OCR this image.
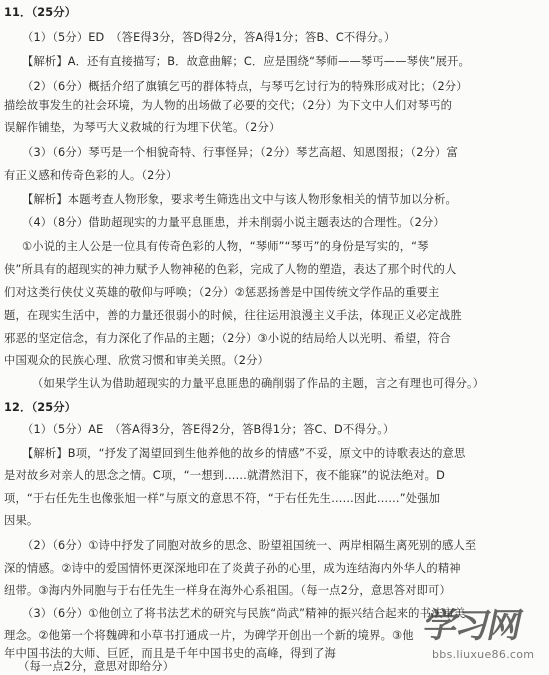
11．（25分）
（1）（5分）ED　（答E得3分，答D得2分，答A得1分；答B、C不得分。）
【解析】A．还有直接描写；B．故意曲解；C．应是围绕“琴师——琴丐——琴侠”展开。
（2）（6分）概括介绍了旗镇乞丐的群体特点，与琴丐乞讨行为的特殊形成对比；（2分）
描绘故事发生的社会环境，为人物的出场做了必要的交代；（2分）为下文中人们对琴丐的
误解作铺垫，为琴丐大义救城的行为埋下伏笔。（2分）
（3）（6分）琴丐是一个相貌奇特、行事怪异；（2分）琴艺高超、知恩图报；（2分）富
有正义感和传奇色彩的人。（2分）
【解析】本题考查人物形象，要求考生筛选出文中与该人物形象相关的情节加以分析。
（4）（8分）借助超现实的力量平息匪患，并未削弱小说主题表达的合理性。（2分）
①小说的主人公是一位具有传奇色彩的人物，“琴师”“琴丐”的身份是写实的，“琴
侠”所具有的超现实的神力赋予人物神秘的色彩，完成了人物的塑造，表达了那个时代的人
们对这类行侠仗义英雄的敬仰与呼唤；（2分）②惩恶扬善是中国传统文学作品的重要主
题，在现实生活中，善的力量还很弱小的时候，往往运用浪漫主义手法，体现正义必定战胜
邪恶的坚定信念，有力深化了作品的主题；（2分）③小说的结局给人以光明、希望，符合
中国观众的民族心理、欣赏习惯和审美关照。（2分）
（如果学生认为借助超现实的力量平息匪患的确削弱了作品的主题，言之有理也可得分。）
12．（25分）
（1）（5分）AE　（答A得3分，答E得2分，答B得1分；答C、D不得分。）
【解析】B项，“抒发了渴望回到生他养他的故乡的情感”不妥，原文中的诗歌表达的意思
是对故乡对亲人的思念之情。C项，“一想到……就潸然泪下，夜不能寐”的说法绝对。D
项，“于右任先生也像张旭一样”与原文的意思不符，“于右任先生……因此……”处强加
因果。
（2）（6分）①诗中抒发了同胞对故乡的思念、盼望祖国统一、两岸相隔生离死别的感人至
深的情感。②诗中的爱国情怀更深深地印在了炎黄子孙的心里，成为连结海内外华人的精神
纽带。③海内外同胞与于右任先生一样身在海外心系祖国。（每一点2分，意思答对即可）
（3）（6分）①他创立了将书法艺术的研究与民族“尚武”精神的振兴结合起来的书法审美
理念。②他第一个将魏碑和小草书打通成一片，为碑学开创出一个新的境界。③他
年中国书法的大师、巨匠，而且是千年中国书史的高峰，得到了海
（每一点2分，意思对即给分）
学习网
bbs.liuxue86.com
